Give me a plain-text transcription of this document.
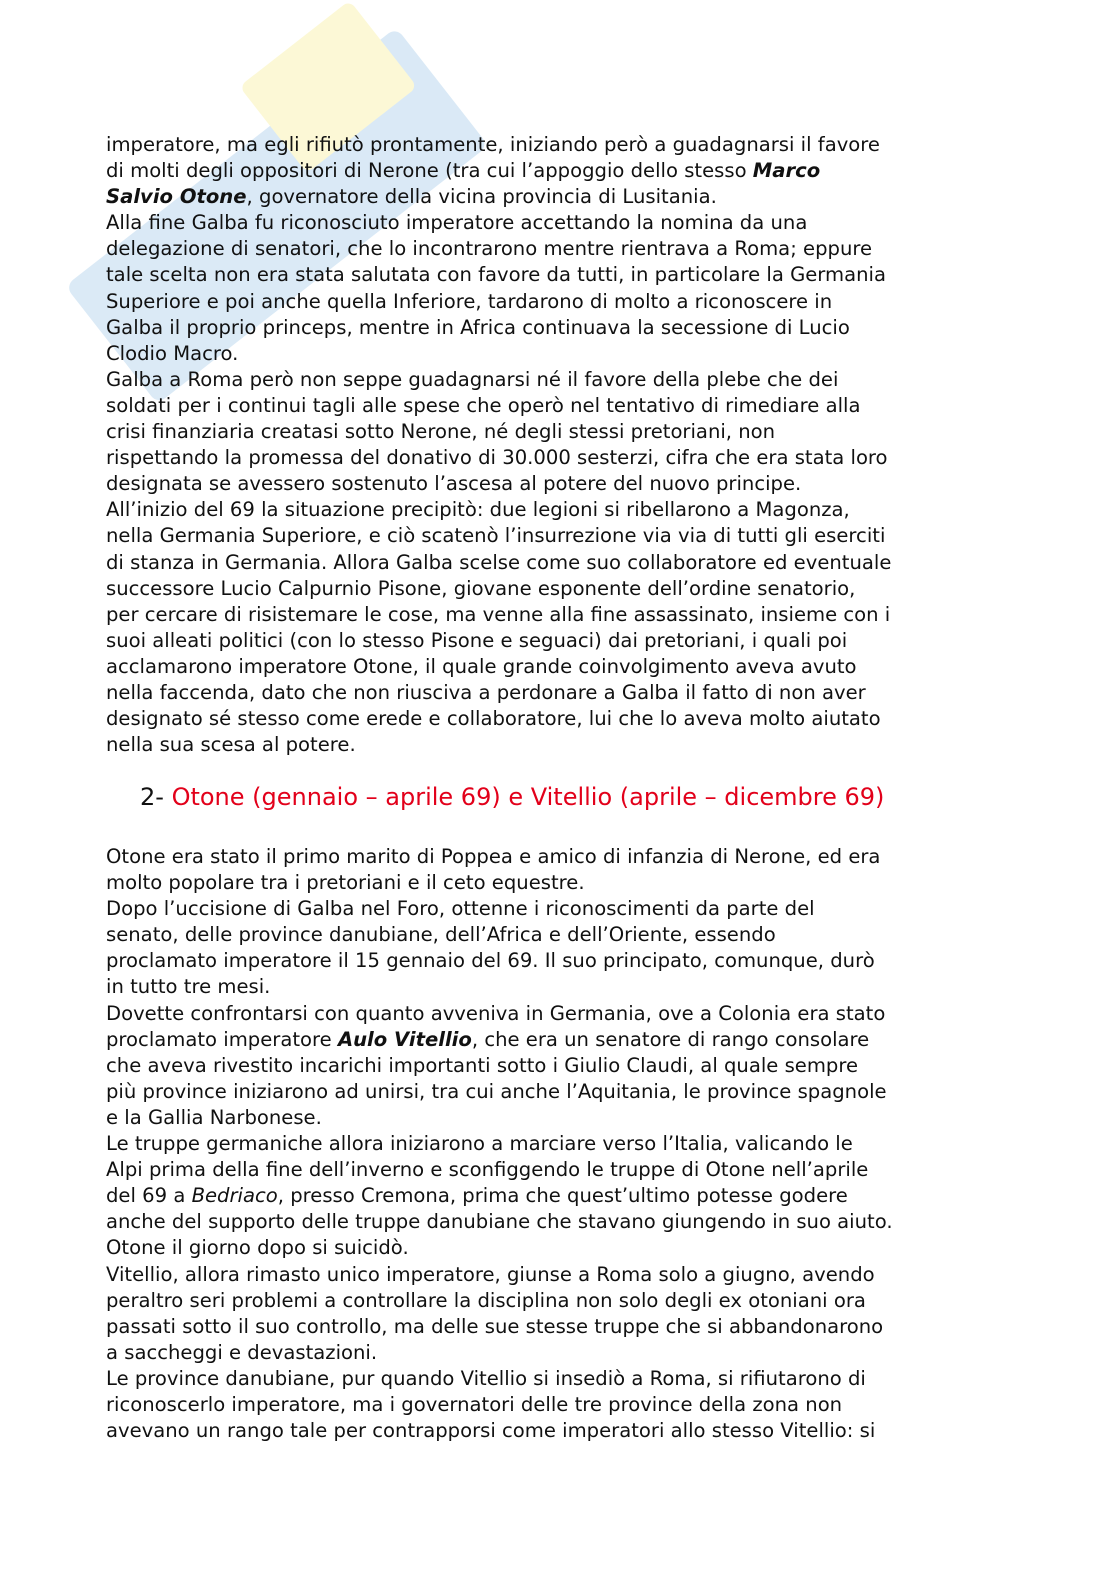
imperatore, ma egli rifiutò prontamente, iniziando però a guadagnarsi il favore
di molti degli oppositori di Nerone (tra cui l’appoggio dello stesso Marco
Salvio Otone, governatore della vicina provincia di Lusitania.
Alla fine Galba fu riconosciuto imperatore accettando la nomina da una
delegazione di senatori, che lo incontrarono mentre rientrava a Roma; eppure
tale scelta non era stata salutata con favore da tutti, in particolare la Germania
Superiore e poi anche quella Inferiore, tardarono di molto a riconoscere in
Galba il proprio princeps, mentre in Africa continuava la secessione di Lucio
Clodio Macro.
Galba a Roma però non seppe guadagnarsi né il favore della plebe che dei
soldati per i continui tagli alle spese che operò nel tentativo di rimediare alla
crisi finanziaria creatasi sotto Nerone, né degli stessi pretoriani, non
rispettando la promessa del donativo di 30.000 sesterzi, cifra che era stata loro
designata se avessero sostenuto l’ascesa al potere del nuovo principe.
All’inizio del 69 la situazione precipitò: due legioni si ribellarono a Magonza,
nella Germania Superiore, e ciò scatenò l’insurrezione via via di tutti gli eserciti
di stanza in Germania. Allora Galba scelse come suo collaboratore ed eventuale
successore Lucio Calpurnio Pisone, giovane esponente dell’ordine senatorio,
per cercare di risistemare le cose, ma venne alla fine assassinato, insieme con i
suoi alleati politici (con lo stesso Pisone e seguaci) dai pretoriani, i quali poi
acclamarono imperatore Otone, il quale grande coinvolgimento aveva avuto
nella faccenda, dato che non riusciva a perdonare a Galba il fatto di non aver
designato sé stesso come erede e collaboratore, lui che lo aveva molto aiutato
nella sua scesa al potere.
2- Otone (gennaio – aprile 69) e Vitellio (aprile – dicembre 69)
Otone era stato il primo marito di Poppea e amico di infanzia di Nerone, ed era
molto popolare tra i pretoriani e il ceto equestre.
Dopo l’uccisione di Galba nel Foro, ottenne i riconoscimenti da parte del
senato, delle province danubiane, dell’Africa e dell’Oriente, essendo
proclamato imperatore il 15 gennaio del 69. Il suo principato, comunque, durò
in tutto tre mesi.
Dovette confrontarsi con quanto avveniva in Germania, ove a Colonia era stato
proclamato imperatore Aulo Vitellio, che era un senatore di rango consolare
che aveva rivestito incarichi importanti sotto i Giulio Claudi, al quale sempre
più province iniziarono ad unirsi, tra cui anche l’Aquitania, le province spagnole
e la Gallia Narbonese.
Le truppe germaniche allora iniziarono a marciare verso l’Italia, valicando le
Alpi prima della fine dell’inverno e sconfiggendo le truppe di Otone nell’aprile
del 69 a Bedriaco, presso Cremona, prima che quest’ultimo potesse godere
anche del supporto delle truppe danubiane che stavano giungendo in suo aiuto.
Otone il giorno dopo si suicidò.
Vitellio, allora rimasto unico imperatore, giunse a Roma solo a giugno, avendo
peraltro seri problemi a controllare la disciplina non solo degli ex otoniani ora
passati sotto il suo controllo, ma delle sue stesse truppe che si abbandonarono
a saccheggi e devastazioni.
Le province danubiane, pur quando Vitellio si insediò a Roma, si rifiutarono di
riconoscerlo imperatore, ma i governatori delle tre province della zona non
avevano un rango tale per contrapporsi come imperatori allo stesso Vitellio: si
